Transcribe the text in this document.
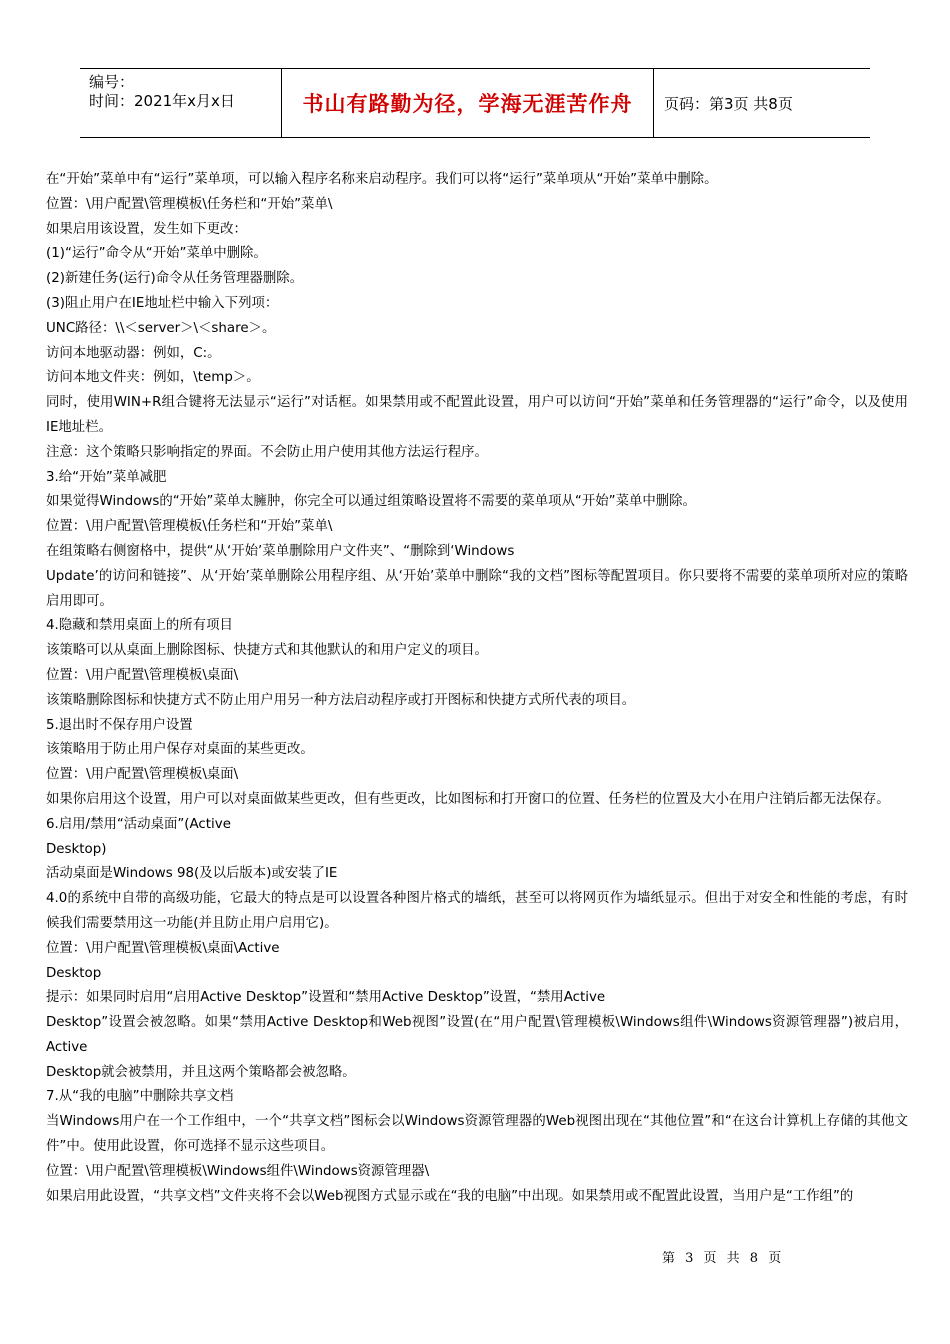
编号：
时间：2021年x月x日	书山有路勤为径，学海无涯苦作舟 页码：第3页 共8页

在“开始”菜单中有“运行”菜单项，可以输入程序名称来启动程序。我们可以将“运行”菜单项从“开始”菜单中删除。

位置：\用户配置\管理模板\任务栏和“开始”菜单\

如果启用该设置，发生如下更改：

(1)“运行”命令从“开始”菜单中删除。

(2)新建任务(运行)命令从任务管理器删除。

(3)阻止用户在IE地址栏中输入下列项：

UNC路径：\\＜server＞\＜share＞。

访问本地驱动器：例如，C:。

访问本地文件夹：例如，\temp＞。

同时，使用WIN+R组合键将无法显示“运行”对话框。如果禁用或不配置此设置，用户可以访问“开始”菜单和任务管理器的“运行”命令，以及使用IE地址栏。

注意：这个策略只影响指定的界面。不会防止用户使用其他方法运行程序。

3.给“开始”菜单减肥

如果觉得Windows的“开始”菜单太臃肿，你完全可以通过组策略设置将不需要的菜单项从“开始”菜单中删除。

位置：\用户配置\管理模板\任务栏和“开始”菜单\

在组策略右侧窗格中，提供“从‘开始’菜单删除用户文件夹”、“删除到‘Windows

Update’的访问和链接”、从‘开始’菜单删除公用程序组、从‘开始’菜单中删除“我的文档”图标等配置项目。你只要将不需要的菜单项所对应的策略启用即可。

4.隐藏和禁用桌面上的所有项目

该策略可以从桌面上删除图标、快捷方式和其他默认的和用户定义的项目。

位置：\用户配置\管理模板\桌面\

该策略删除图标和快捷方式不防止用户用另一种方法启动程序或打开图标和快捷方式所代表的项目。

5.退出时不保存用户设置

该策略用于防止用户保存对桌面的某些更改。

位置：\用户配置\管理模板\桌面\

如果你启用这个设置，用户可以对桌面做某些更改，但有些更改，比如图标和打开窗口的位置、任务栏的位置及大小在用户注销后都无法保存。

6.启用/禁用“活动桌面”(Active

Desktop)

活动桌面是Windows 98(及以后版本)或安装了IE

4.0的系统中自带的高级功能，它最大的特点是可以设置各种图片格式的墙纸，甚至可以将网页作为墙纸显示。但出于对安全和性能的考虑，有时候我们需要禁用这一功能(并且防止用户启用它)。

位置：\用户配置\管理模板\桌面\Active

Desktop

提示：如果同时启用“启用Active Desktop”设置和“禁用Active Desktop”设置，“禁用Active

Desktop”设置会被忽略。如果“禁用Active Desktop和Web视图”设置(在“用户配置\管理模板\Windows组件\Windows资源管理器”)被启用，Active

Desktop就会被禁用，并且这两个策略都会被忽略。

7.从“我的电脑”中删除共享文档

当Windows用户在一个工作组中，一个“共享文档”图标会以Windows资源管理器的Web视图出现在“其他位置”和“在这台计算机上存储的其他文件”中。使用此设置，你可选择不显示这些项目。

位置：\用户配置\管理模板\Windows组件\Windows资源管理器\

如果启用此设置，“共享文档”文件夹将不会以Web视图方式显示或在“我的电脑”中出现。如果禁用或不配置此设置，当用户是“工作组”的

第 3 页 共 8 页
